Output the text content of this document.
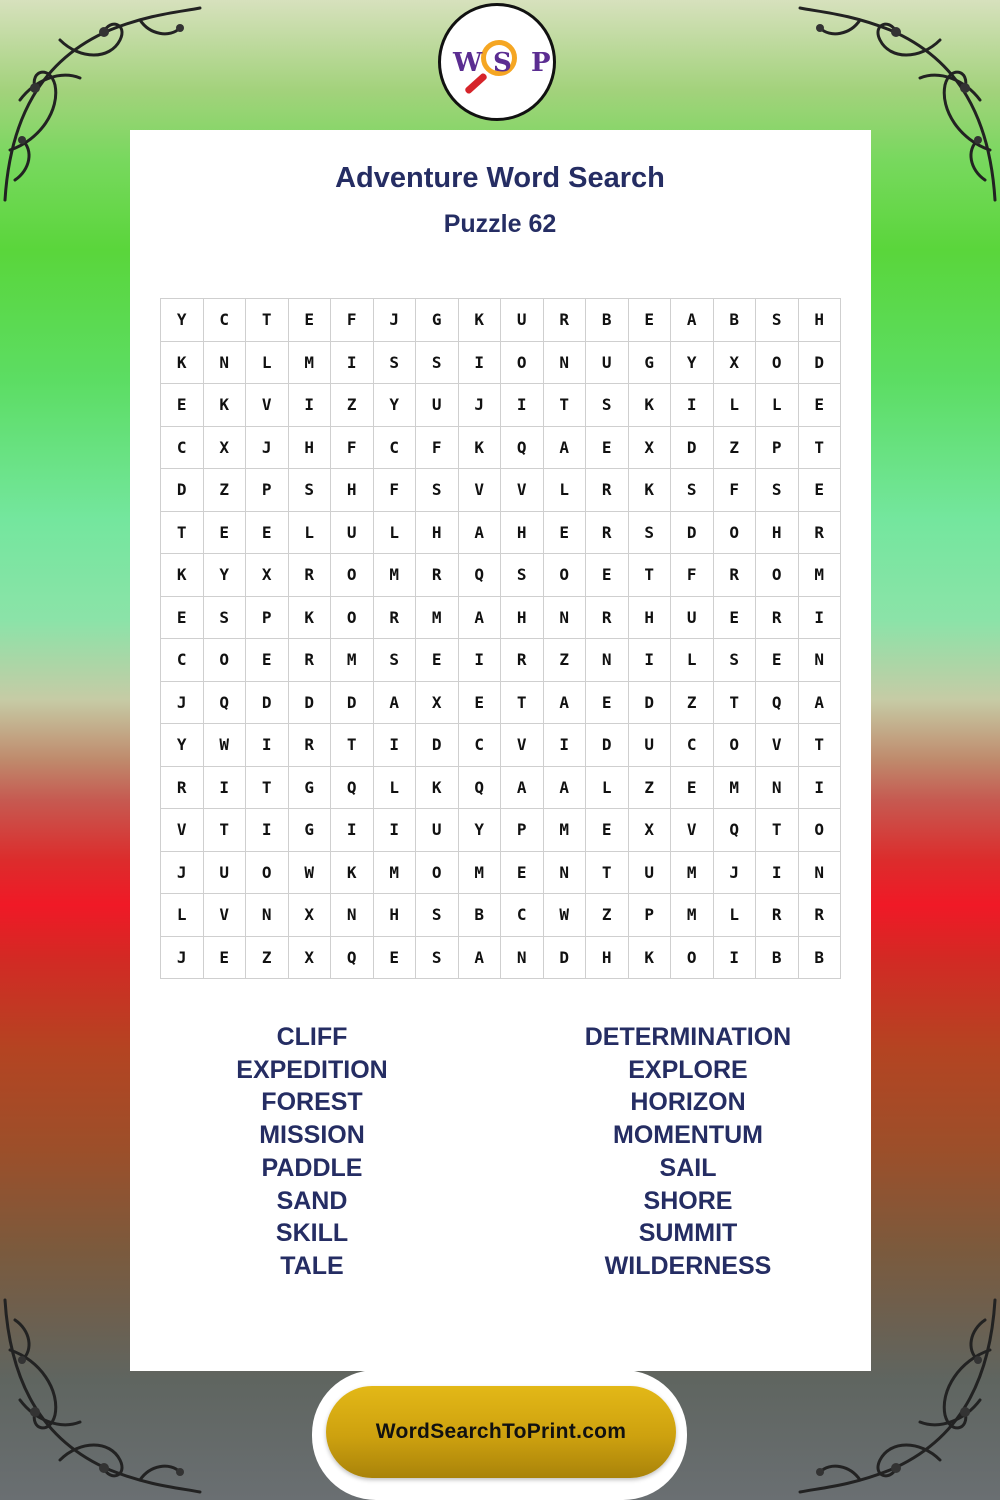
W S P
Adventure Word Search
Puzzle 62
Y	C	T	E	F	J	G	K	U	R	B	E	A	B	S	H
K	N	L	M	I	S	S	I	O	N	U	G	Y	X	O	D
E	K	V	I	Z	Y	U	J	I	T	S	K	I	L	L	E
C	X	J	H	F	C	F	K	Q	A	E	X	D	Z	P	T
D	Z	P	S	H	F	S	V	V	L	R	K	S	F	S	E
T	E	E	L	U	L	H	A	H	E	R	S	D	O	H	R
K	Y	X	R	O	M	R	Q	S	O	E	T	F	R	O	M
E	S	P	K	O	R	M	A	H	N	R	H	U	E	R	I
C	O	E	R	M	S	E	I	R	Z	N	I	L	S	E	N
J	Q	D	D	D	A	X	E	T	A	E	D	Z	T	Q	A
Y	W	I	R	T	I	D	C	V	I	D	U	C	O	V	T
R	I	T	G	Q	L	K	Q	A	A	L	Z	E	M	N	I
V	T	I	G	I	I	U	Y	P	M	E	X	V	Q	T	O
J	U	O	W	K	M	O	M	E	N	T	U	M	J	I	N
L	V	N	X	N	H	S	B	C	W	Z	P	M	L	R	R
J	E	Z	X	Q	E	S	A	N	D	H	K	O	I	B	B
CLIFF
EXPEDITION
FOREST
MISSION
PADDLE
SAND
SKILL
TALE
DETERMINATION
EXPLORE
HORIZON
MOMENTUM
SAIL
SHORE
SUMMIT
WILDERNESS
WordSearchToPrint.com
